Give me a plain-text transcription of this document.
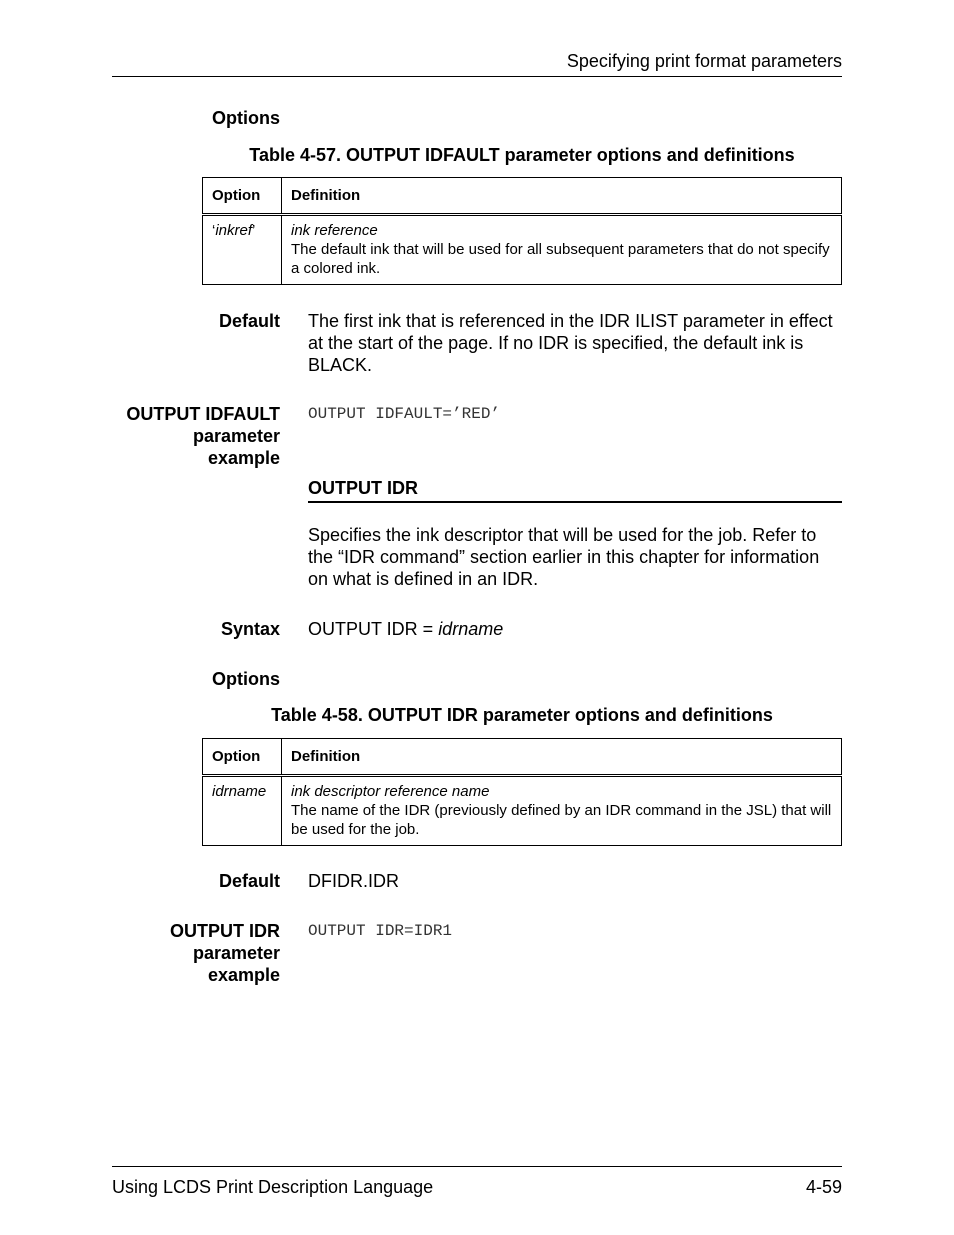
Specifying print format parameters
Options
Table 4-57. OUTPUT IDFAULT parameter options and definitions
Option	Definition
‘inkref’	ink reference
The default ink that will be used for all subsequent parameters that do not specify a colored ink.
Default The first ink that is referenced in the IDR ILIST parameter in effect at the start of the page. If no IDR is specified, the default ink is BLACK.
OUTPUT IDFAULT
parameter
example
OUTPUT IDFAULT=’RED’
OUTPUT IDR
Specifies the ink descriptor that will be used for the job. Refer to the “IDR command” section earlier in this chapter for information on what is defined in an IDR.
Syntax OUTPUT IDR = idrname
Options
Table 4-58. OUTPUT IDR parameter options and definitions
Option	Definition
idrname	ink descriptor reference name
The name of the IDR (previously defined by an IDR command in the JSL) that will be used for the job.
Default DFIDR.IDR
OUTPUT IDR
parameter
example
OUTPUT IDR=IDR1
Using LCDS Print Description Language	4-59
